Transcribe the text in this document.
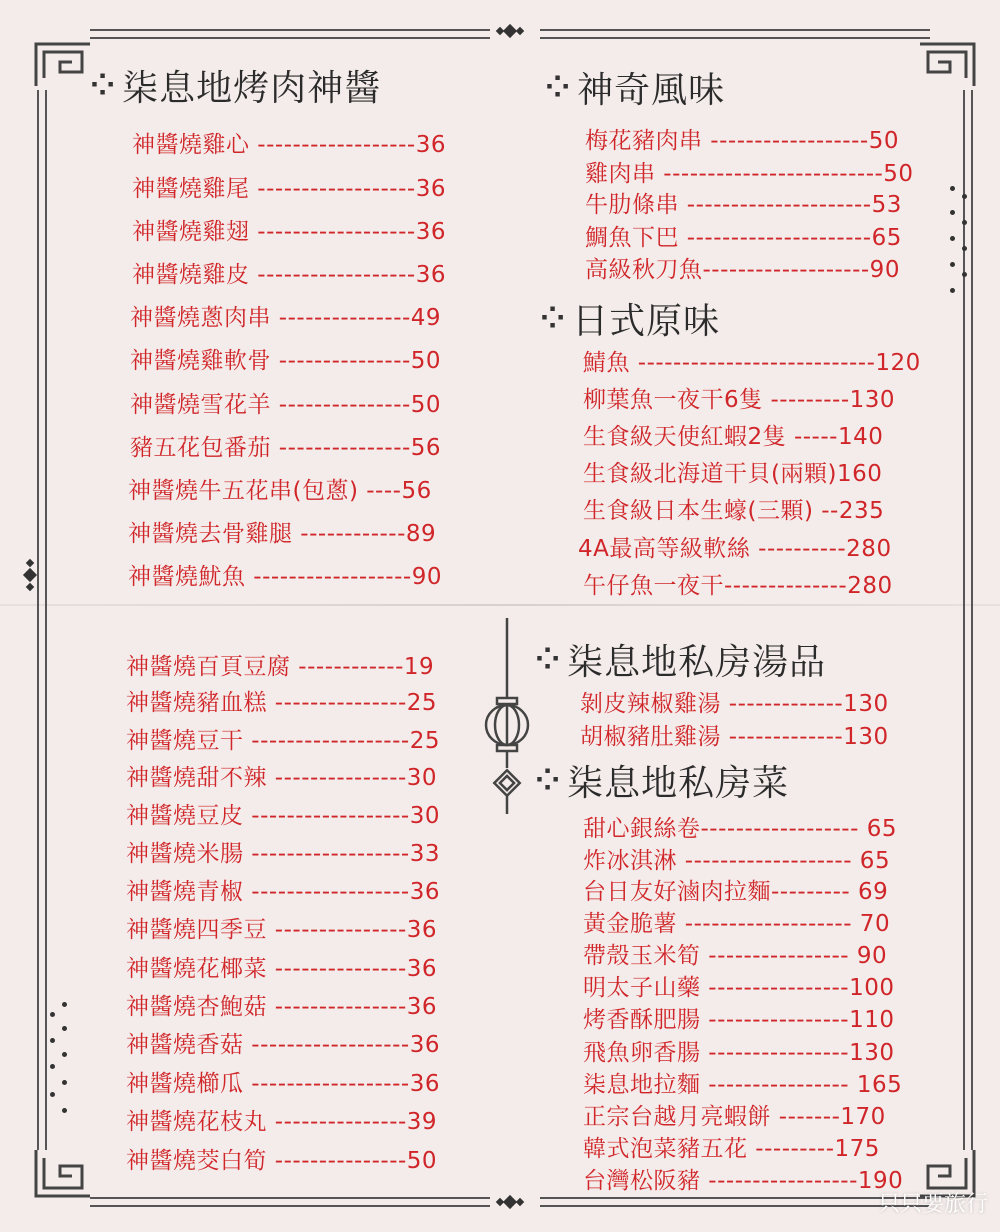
⁘ 柒息地烤肉神醬	⁘ 神奇風味
⁘ 日式原味
⁘ 柒息地私房湯品
⁘ 柒息地私房菜
神醬燒雞心 ------------------36
神醬燒雞尾 ------------------36
神醬燒雞翅 ------------------36
神醬燒雞皮 ------------------36
神醬燒蔥肉串 ---------------49
神醬燒雞軟骨 ---------------50
神醬燒雪花羊 ---------------50
豬五花包番茄 ---------------56
神醬燒牛五花串(包蔥) ----56
神醬燒去骨雞腿 ------------89
神醬燒魷魚 ------------------90
神醬燒百頁豆腐 ------------19
神醬燒豬血糕 ---------------25
神醬燒豆干 ------------------25
神醬燒甜不辣 ---------------30
神醬燒豆皮 ------------------30
神醬燒米腸 ------------------33
神醬燒青椒 ------------------36
神醬燒四季豆 ---------------36
神醬燒花椰菜 ---------------36
神醬燒杏鮑菇 ---------------36
神醬燒香菇 ------------------36
神醬燒櫛瓜 ------------------36
神醬燒花枝丸 ---------------39
神醬燒茭白筍 ---------------50
梅花豬肉串 ------------------50
雞肉串 -------------------------50
牛肋條串 ---------------------53
鯛魚下巴 ---------------------65
高級秋刀魚-------------------90
鯖魚 ---------------------------120
柳葉魚一夜干6隻 ---------130
生食級天使紅蝦2隻 -----140
生食級北海道干貝(兩顆)160
生食級日本生蠔(三顆) --235
4A最高等級軟絲 ----------280
午仔魚一夜干--------------280
剝皮辣椒雞湯 -------------130
胡椒豬肚雞湯 -------------130
甜心銀絲卷------------------ 65
炸冰淇淋 ------------------- 65
台日友好滷肉拉麵--------- 69
黃金脆薯 ------------------- 70
帶殼玉米筍 ---------------- 90
明太子山藥 ----------------100
烤香酥肥腸 ----------------110
飛魚卵香腸 ----------------130
柒息地拉麵 ---------------- 165
正宗台越月亮蝦餅 -------170
韓式泡菜豬五花 ---------175
台灣松阪豬 -----------------190
只只要旅行
